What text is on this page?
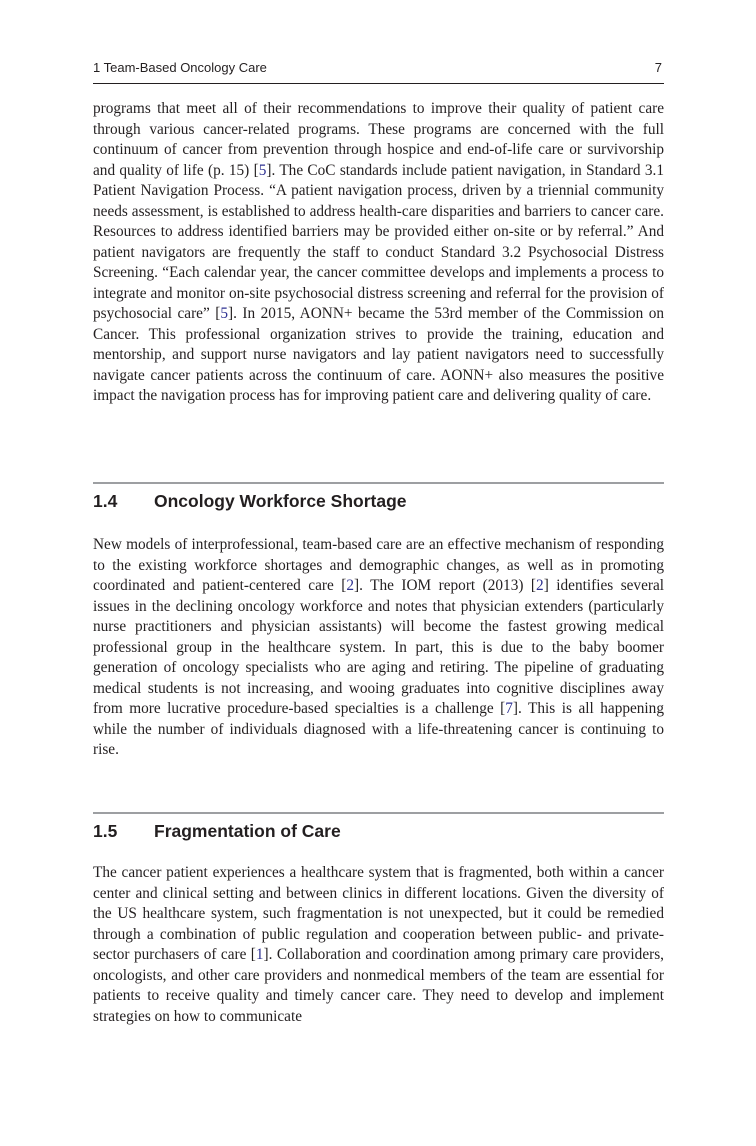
1 Team-Based Oncology Care	7

programs that meet all of their recommendations to improve their quality of patient care through various cancer-related programs. These programs are concerned with the full continuum of cancer from prevention through hospice and end-of-life care or survivorship and quality of life (p. 15) [5]. The CoC standards include patient navigation, in Standard 3.1 Patient Navigation Process. “A patient navigation process, driven by a triennial community needs assessment, is established to address health-care disparities and barriers to cancer care. Resources to address identified barriers may be provided either on-site or by referral.” And patient navigators are frequently the staff to conduct Standard 3.2 Psychosocial Distress Screening. “Each calendar year, the cancer committee develops and implements a process to integrate and monitor on-site psychosocial distress screening and referral for the provision of psychosocial care” [5]. In 2015, AONN+ became the 53rd member of the Commission on Cancer. This professional organization strives to provide the training, education and mentorship, and support nurse navigators and lay patient navigators need to successfully navigate cancer patients across the continuum of care. AONN+ also measures the positive impact the navigation process has for improving patient care and delivering quality of care.

1.4 Oncology Workforce Shortage

New models of interprofessional, team-based care are an effective mechanism of responding to the existing workforce shortages and demographic changes, as well as in promoting coordinated and patient-centered care [2]. The IOM report (2013) [2] identifies several issues in the declining oncology workforce and notes that physician extenders (particularly nurse practitioners and physician assistants) will become the fastest growing medical professional group in the healthcare system. In part, this is due to the baby boomer generation of oncology specialists who are aging and retiring. The pipeline of graduating medical students is not increasing, and wooing graduates into cognitive disciplines away from more lucrative procedure-based specialties is a challenge [7]. This is all happening while the number of individuals diagnosed with a life-threatening cancer is continuing to rise.

1.5 Fragmentation of Care

The cancer patient experiences a healthcare system that is fragmented, both within a cancer center and clinical setting and between clinics in different locations. Given the diversity of the US healthcare system, such fragmentation is not unexpected, but it could be remedied through a combination of public regulation and cooperation between public- and private-sector purchasers of care [1]. Collaboration and coordination among primary care providers, oncologists, and other care providers and nonmedical members of the team are essential for patients to receive quality and timely cancer care. They need to develop and implement strategies on how to communicate
